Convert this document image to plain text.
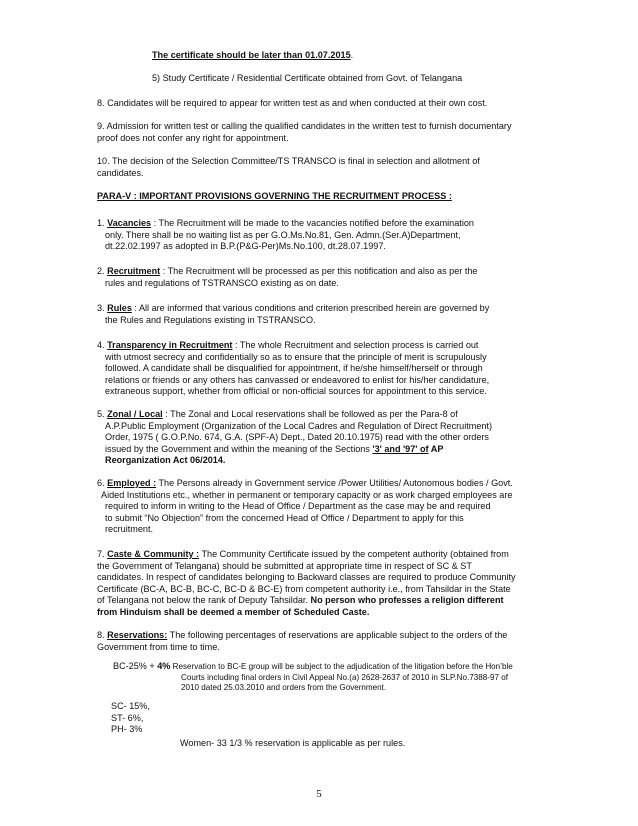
The certificate should be later than 01.07.2015.
5) Study Certificate / Residential Certificate obtained from Govt. of Telangana
8. Candidates will be required to appear for written test as and when conducted at their own cost.

9. Admission for written test or calling the qualified candidates in the written test to furnish documentary

proof does not confer any right for appointment.

10. The decision of the Selection Committee/TS TRANSCO is final in selection and allotment of

candidates.

PARA-V : IMPORTANT PROVISIONS GOVERNING THE RECRUITMENT PROCESS :

1. Vacancies : The Recruitment will be made to the vacancies notified before the examination

only. There shall be no waiting list as per G.O.Ms.No.81, Gen. Admn.(Ser.A)Department,

dt.22.02.1997 as adopted in B.P.(P&G-Per)Ms.No.100, dt.28.07.1997.

2. Recruitment : The Recruitment will be processed as per this notification and also as per the

rules and regulations of TSTRANSCO existing as on date.

3. Rules : All are informed that various conditions and criterion prescribed herein are governed by

the Rules and Regulations existing in TSTRANSCO.

4. Transparency in Recruitment : The whole Recruitment and selection process is carried out

with utmost secrecy and confidentially so as to ensure that the principle of merit is scrupulously

followed. A candidate shall be disqualified for appointment, if he/she himself/herself or through

relations or friends or any others has canvassed or endeavored to enlist for his/her candidature,

extraneous support, whether from official or non-official sources for appointment to this service.

5. Zonal / Local : The Zonal and Local reservations shall be followed as per the Para-8 of

A.P.Public Employment (Organization of the Local Cadres and Regulation of Direct Recruitment)

Order, 1975 ( G.O.P.No. 674, G.A. (SPF-A) Dept., Dated 20.10.1975) read with the other orders

issued by the Government and within the meaning of the Sections '3' and '97' of AP

Reorganization Act 06/2014.

6. Employed : The Persons already in Government service /Power Utilities/ Autonomous bodies / Govt.

Aided Institutions etc., whether in permanent or temporary capacity or as work charged employees are

required to inform in writing to the Head of Office / Department as the case may be and required

to submit “No Objection” from the concerned Head of Office / Department to apply for this

recruitment.

7. Caste & Community : The Community Certificate issued by the competent authority (obtained from

the Government of Telangana) should be submitted at appropriate time in respect of SC & ST

candidates. In respect of candidates belonging to Backward classes are required to produce Community

Certificate (BC-A, BC-B, BC-C, BC-D & BC-E) from competent authority i.e., from Tahsildar in the State

of Telangana not below the rank of Deputy Tahsildar. No person who professes a religion different

from Hinduism shall be deemed a member of Scheduled Caste.

8. Reservations: The following percentages of reservations are applicable subject to the orders of the

Government from time to time.

BC-25% + 4% Reservation to BC-E group will be subject to the adjudication of the litigation before the Hon’ble

Courts including final orders in Civil Appeal No.(a) 2628-2637 of 2010 in SLP.No.7388-97 of

2010 dated 25.03.2010 and orders from the Government.

SC- 15%,

ST- 6%,

PH- 3%

Women- 33 1/3 % reservation is applicable as per rules.
5
